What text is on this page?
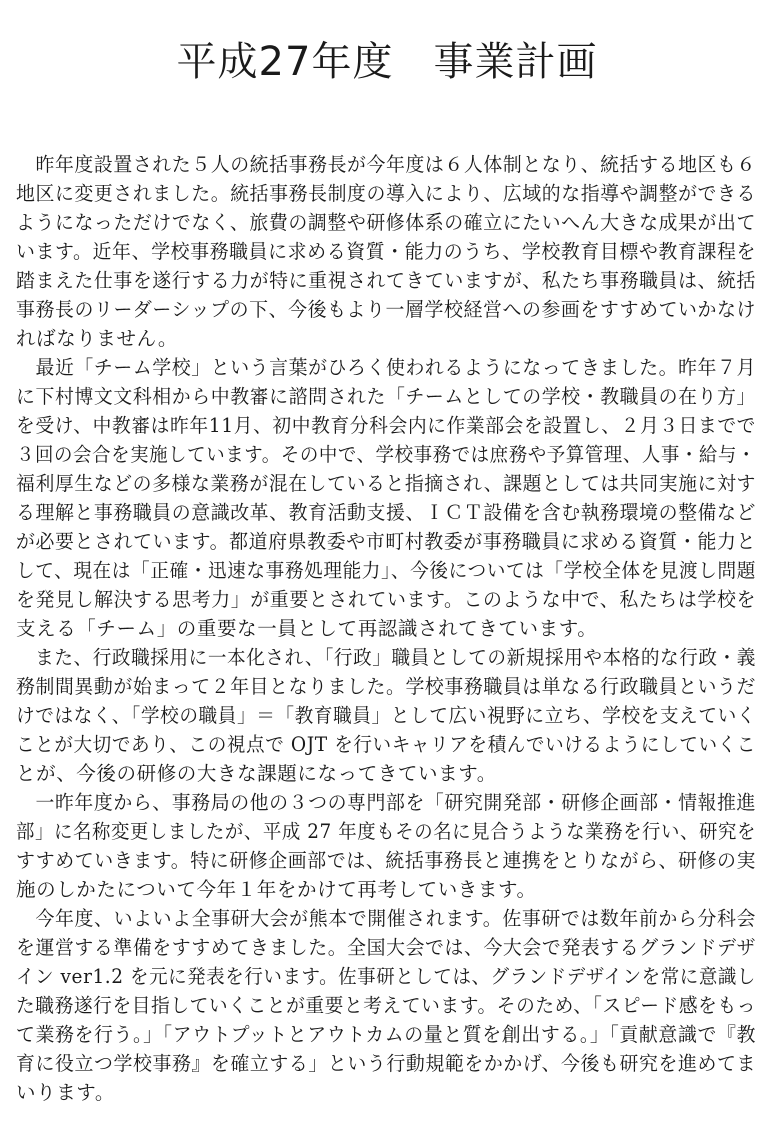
平成27年度 事業計画
　昨年度設置された５人の統括事務長が今年度は６人体制となり、統括する地区も６
地区に変更されました。統括事務長制度の導入により、広域的な指導や調整ができる
ようになっただけでなく、旅費の調整や研修体系の確立にたいへん大きな成果が出て
います。近年、学校事務職員に求める資質・能力のうち、学校教育目標や教育課程を
踏まえた仕事を遂行する力が特に重視されてきていますが、私たち事務職員は、統括
事務長のリーダーシップの下、今後もより一層学校経営への参画をすすめていかなけ
ればなりません。
　最近「チーム学校」という言葉がひろく使われるようになってきました。昨年７月
に下村博文文科相から中教審に諮問された「チームとしての学校・教職員の在り方」
を受け、中教審は昨年11月、初中教育分科会内に作業部会を設置し、２月３日までで
３回の会合を実施しています。その中で、学校事務では庶務や予算管理、人事・給与・
福利厚生などの多様な業務が混在していると指摘され、課題としては共同実施に対す
る理解と事務職員の意識改革、教育活動支援、ＩＣＴ設備を含む執務環境の整備など
が必要とされています。都道府県教委や市町村教委が事務職員に求める資質・能力と
して、現在は「正確・迅速な事務処理能力」、今後については「学校全体を見渡し問題
を発見し解決する思考力」が重要とされています。このような中で、私たちは学校を
支える「チーム」の重要な一員として再認識されてきています。
　また、行政職採用に一本化され、「行政」職員としての新規採用や本格的な行政・義
務制間異動が始まって２年目となりました。学校事務職員は単なる行政職員というだ
けではなく、「学校の職員」＝「教育職員」として広い視野に立ち、学校を支えていく
ことが大切であり、この視点で OJT を行いキャリアを積んでいけるようにしていくこ
とが、今後の研修の大きな課題になってきています。
　一昨年度から、事務局の他の３つの専門部を「研究開発部・研修企画部・情報推進
部」に名称変更しましたが、平成 27 年度もその名に見合うような業務を行い、研究を
すすめていきます。特に研修企画部では、統括事務長と連携をとりながら、研修の実
施のしかたについて今年１年をかけて再考していきます。
　今年度、いよいよ全事研大会が熊本で開催されます。佐事研では数年前から分科会
を運営する準備をすすめてきました。全国大会では、今大会で発表するグランドデザ
イン ver1.2 を元に発表を行います。佐事研としては、グランドデザインを常に意識し
た職務遂行を目指していくことが重要と考えています。そのため、「スピード感をもっ
て業務を行う。」「アウトプットとアウトカムの量と質を創出する。」「貢献意識で『教
育に役立つ学校事務』を確立する」という行動規範をかかげ、今後も研究を進めてま
いります。
